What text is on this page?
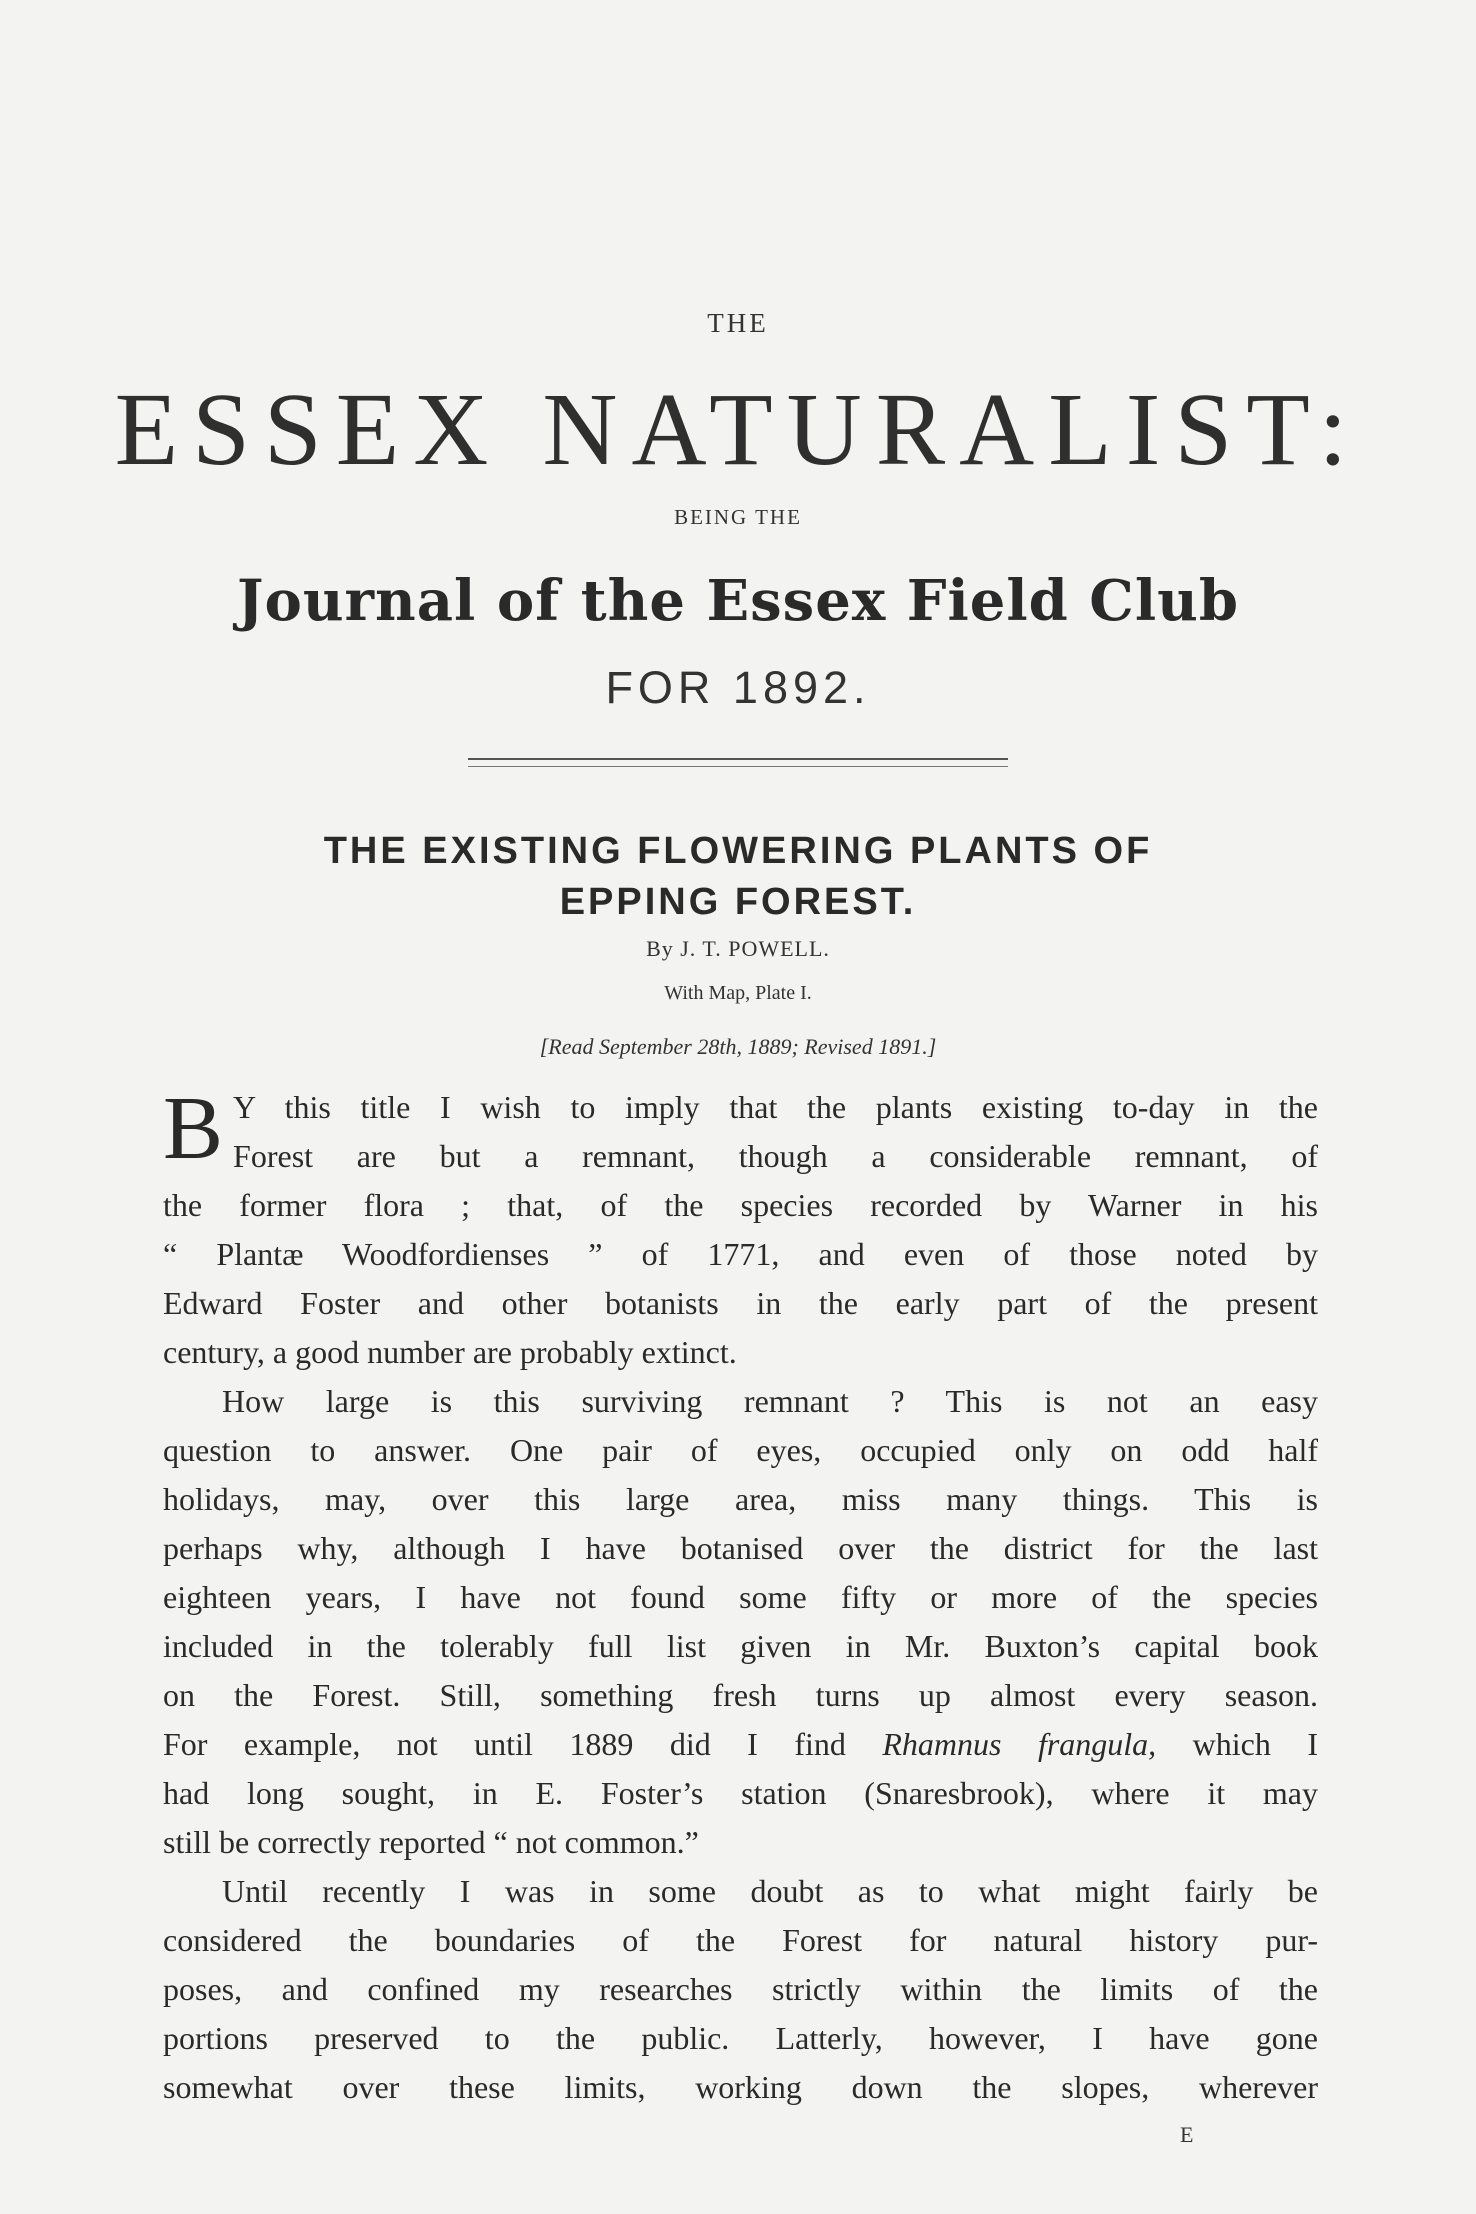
THE
ESSEX NATURALIST:
BEING THE
Journal of the Essex Field Club
FOR 1892.
THE EXISTING FLOWERING PLANTS OF
EPPING FOREST.
By J. T. POWELL.
With Map, Plate I.
[Read September 28th, 1889; Revised 1891.]
B Y this title I wish to imply that the plants existing to-day in the
Forest are but a remnant, though a considerable remnant, of
the former flora ; that, of the species recorded by Warner in his
“ Plantæ Woodfordienses ” of 1771, and even of those noted by
Edward Foster and other botanists in the early part of the present
century, a good number are probably extinct.
How large is this surviving remnant ? This is not an easy
question to answer. One pair of eyes, occupied only on odd half
holidays, may, over this large area, miss many things. This is
perhaps why, although I have botanised over the district for the last
eighteen years, I have not found some fifty or more of the species
included in the tolerably full list given in Mr. Buxton’s capital book
on the Forest. Still, something fresh turns up almost every season.
For example, not until 1889 did I find Rhamnus frangula, which I
had long sought, in E. Foster’s station (Snaresbrook), where it may
still be correctly reported “ not common.”
Until recently I was in some doubt as to what might fairly be
considered the boundaries of the Forest for natural history pur-
poses, and confined my researches strictly within the limits of the
portions preserved to the public. Latterly, however, I have gone
somewhat over these limits, working down the slopes, wherever
E
